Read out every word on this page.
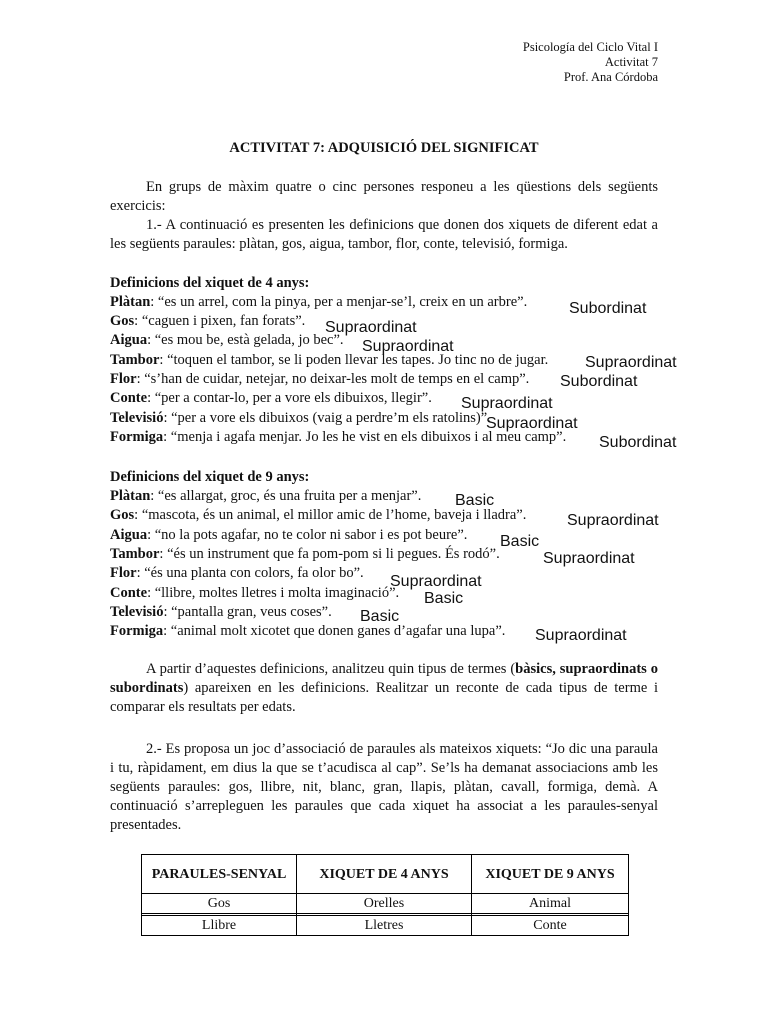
Psicología del Ciclo Vital I
Activitat 7
Prof. Ana Córdoba
ACTIVITAT 7: ADQUISICIÓ DEL SIGNIFICAT
En grups de màxim quatre o cinc persones responeu a les qüestions dels següents exercicis:
1.- A continuació es presenten les definicions que donen dos xiquets de diferent edat a les següents paraules: plàtan, gos, aigua, tambor, flor, conte, televisió, formiga.
Definicions del xiquet de 4 anys:
Plàtan: “es un arrel, com la pinya, per a menjar-se’l, creix en un arbre”.
Gos: “caguen i pixen, fan forats”.
Aigua: “es mou be, està gelada, jo bec”.
Tambor: “toquen el tambor, se li poden llevar les tapes. Jo tinc no de jugar.
Flor: “s’han de cuidar, netejar, no deixar-les molt de temps en el camp”.
Conte: “per a contar-lo, per a vore els dibuixos, llegir”.
Televisió: “per a vore els dibuixos (vaig a perdre’m els ratolins)”.
Formiga: “menja i agafa menjar. Jo les he vist en els dibuixos i al meu camp”.
Subordinat
Supraordinat
Supraordinat
Supraordinat
Subordinat
Supraordinat
Supraordinat
Subordinat
Definicions del xiquet de 9 anys:
Plàtan: “es allargat, groc, és una fruita per a menjar”.
Gos: “mascota, és un animal, el millor amic de l’home, baveja i lladra”.
Aigua: “no la pots agafar, no te color ni sabor i es pot beure”.
Tambor: “és un instrument que fa pom-pom si li pegues. És rodó”.
Flor: “és una planta con colors, fa olor bo”.
Conte: “llibre, moltes lletres i molta imaginació”.
Televisió: “pantalla gran, veus coses”.
Formiga: “animal molt xicotet que donen ganes d’agafar una lupa”.
Basic
Supraordinat
Basic
Supraordinat
Supraordinat
Basic
Basic
Supraordinat
A partir d’aquestes definicions, analitzeu quin tipus de termes (bàsics, supraordinats o subordinats) apareixen en les definicions. Realitzar un reconte de cada tipus de terme i comparar els resultats per edats.
2.- Es proposa un joc d’associació de paraules als mateixos xiquets: “Jo dic una paraula i tu, ràpidament, em dius la que se t’acudisca al cap”. Se’ls ha demanat associacions amb les següents paraules: gos, llibre, nit, blanc, gran, llapis, plàtan, cavall, formiga, demà. A continuació s’arrepleguen les paraules que cada xiquet ha associat a les paraules-senyal presentades.
PARAULES-SENYAL	XIQUET DE 4 ANYS	XIQUET DE 9 ANYS
Gos	Orelles	Animal

Llibre	Lletres	Conte
